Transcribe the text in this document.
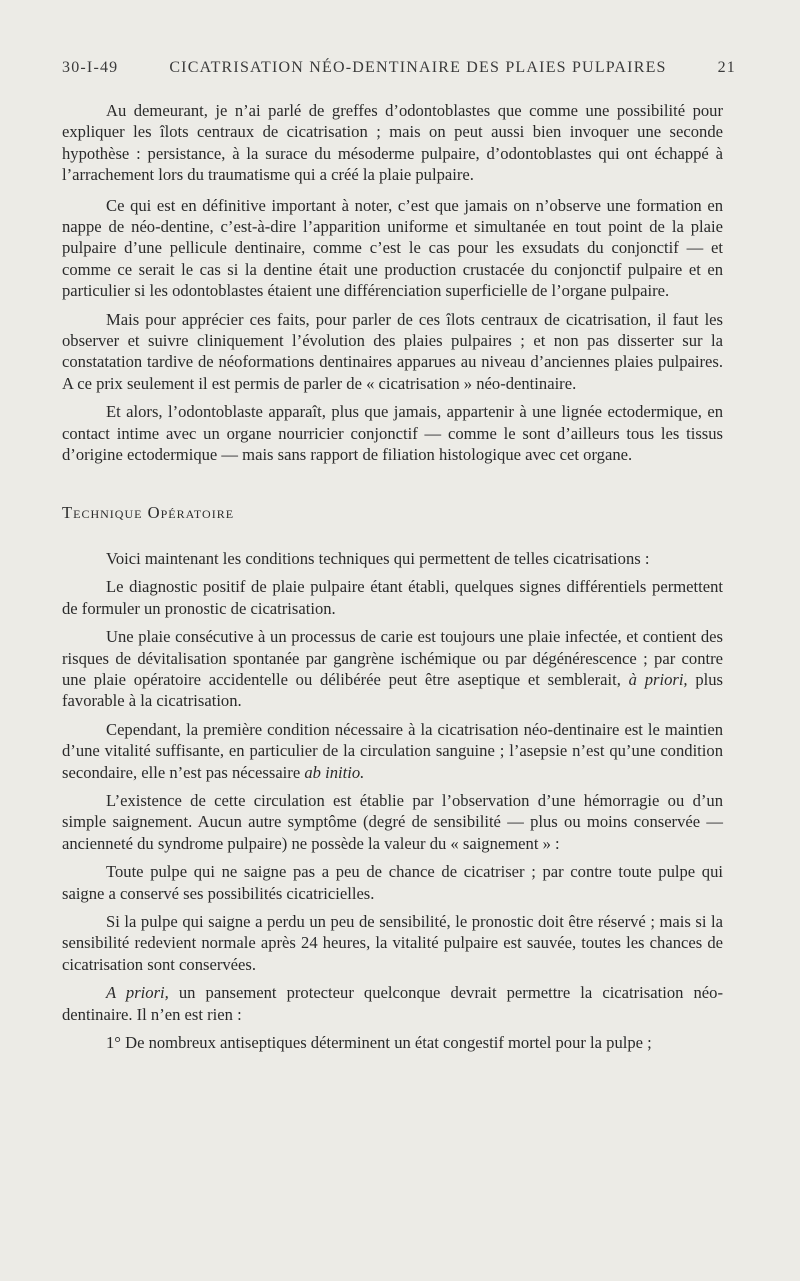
30-I-49	CICATRISATION NÉO-DENTINAIRE DES PLAIES PULPAIRES	21

Au demeurant, je n’ai parlé de greffes d’odontoblastes que comme une possibilité pour expliquer les îlots centraux de cicatrisation ; mais on peut aussi bien invoquer une seconde hypothèse : persistance, à la surace du mésoderme pulpaire, d’odontoblastes qui ont échappé à l’arrachement lors du traumatisme qui a créé la plaie pulpaire.

Ce qui est en définitive important à noter, c’est que jamais on n’observe une formation en nappe de néo-dentine, c’est-à-dire l’apparition uniforme et simultanée en tout point de la plaie pulpaire d’une pellicule dentinaire, comme c’est le cas pour les exsudats du conjonctif — et comme ce serait le cas si la dentine était une production crustacée du conjonctif pulpaire et en particulier si les odontoblastes étaient une différenciation superficielle de l’organe pulpaire.

Mais pour apprécier ces faits, pour parler de ces îlots centraux de cicatrisation, il faut les observer et suivre cliniquement l’évolution des plaies pulpaires ; et non pas disserter sur la constatation tardive de néoformations dentinaires apparues au niveau d’anciennes plaies pulpaires. A ce prix seulement il est permis de parler de « cicatrisation » néo-dentinaire.

Et alors, l’odontoblaste apparaît, plus que jamais, appartenir à une lignée ectodermique, en contact intime avec un organe nourricier conjonctif — comme le sont d’ailleurs tous les tissus d’origine ectodermique — mais sans rapport de filiation histologique avec cet organe.

Technique Opératoire

Voici maintenant les conditions techniques qui permettent de telles cicatrisations :

Le diagnostic positif de plaie pulpaire étant établi, quelques signes différentiels permettent de formuler un pronostic de cicatrisation.

Une plaie consécutive à un processus de carie est toujours une plaie infectée, et contient des risques de dévitalisation spontanée par gangrène ischémique ou par dégénérescence ; par contre une plaie opératoire accidentelle ou délibérée peut être aseptique et semblerait, à priori, plus favorable à la cicatrisation.

Cependant, la première condition nécessaire à la cicatrisation néo-dentinaire est le maintien d’une vitalité suffisante, en particulier de la circulation sanguine ; l’asepsie n’est qu’une condition secondaire, elle n’est pas nécessaire ab initio.

L’existence de cette circulation est établie par l’observation d’une hémorragie ou d’un simple saignement. Aucun autre symptôme (degré de sensibilité — plus ou moins conservée — ancienneté du syndrome pulpaire) ne possède la valeur du « saignement » :

Toute pulpe qui ne saigne pas a peu de chance de cicatriser ; par contre toute pulpe qui saigne a conservé ses possibilités cicatricielles.

Si la pulpe qui saigne a perdu un peu de sensibilité, le pronostic doit être réservé ; mais si la sensibilité redevient normale après 24 heures, la vitalité pulpaire est sauvée, toutes les chances de cicatrisation sont conservées.

A priori, un pansement protecteur quelconque devrait permettre la cicatrisation néo-dentinaire. Il n’en est rien :

1° De nombreux antiseptiques déterminent un état congestif mortel pour la pulpe ;
